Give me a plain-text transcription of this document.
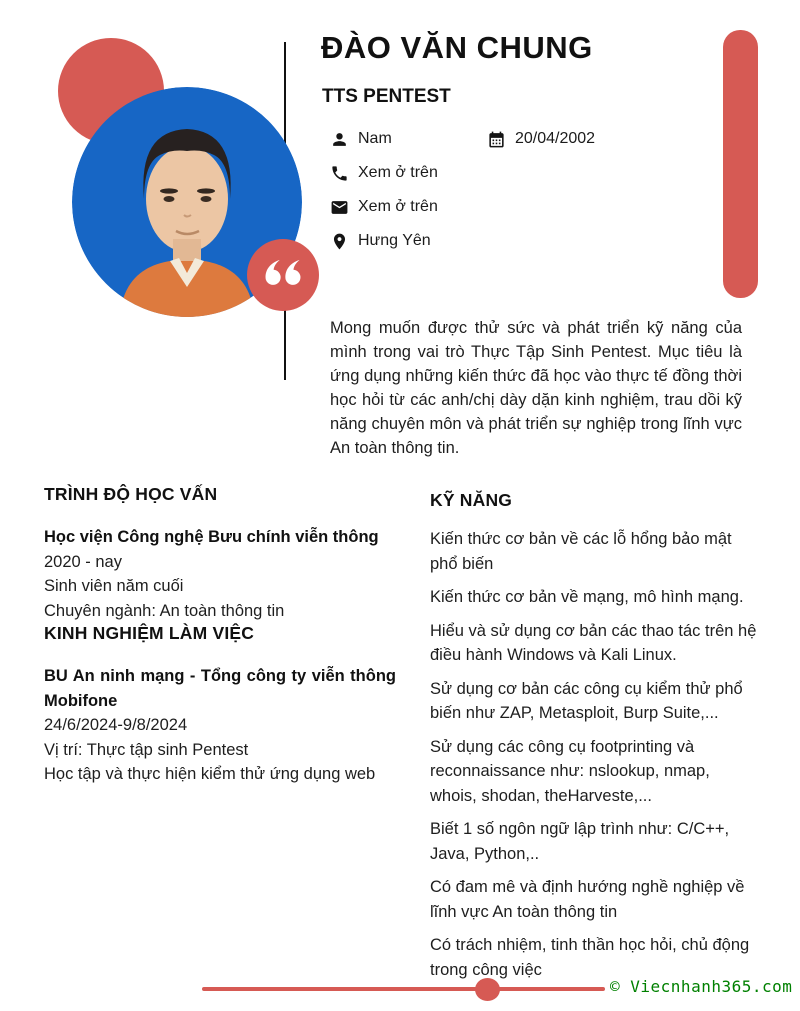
ĐÀO VĂN CHUNG
TTS PENTEST
Nam	20/04/2002
Xem ở trên
Xem ở trên
Hưng Yên
Mong muốn được thử sức và phát triển kỹ năng của mình trong vai trò Thực Tập Sinh Pentest. Mục tiêu là ứng dụng những kiến thức đã học vào thực tế đồng thời học hỏi từ các anh/chị dày dặn kinh nghiệm, trau dồi kỹ năng chuyên môn và phát triển sự nghiệp trong lĩnh vực An toàn thông tin.
TRÌNH ĐỘ HỌC VẤN
Học viện Công nghệ Bưu chính viễn thông
2020 - nay
Sinh viên năm cuối
Chuyên ngành: An toàn thông tin
KINH NGHIỆM LÀM VIỆC
BU An ninh mạng - Tổng công ty viễn thông Mobifone
24/6/2024-9/8/2024
Vị trí: Thực tập sinh Pentest
Học tập và thực hiện kiểm thử ứng dụng web
KỸ NĂNG
Kiến thức cơ bản về các lỗ hổng bảo mật phổ biến
Kiến thức cơ bản về mạng, mô hình mạng.
Hiểu và sử dụng cơ bản các thao tác trên hệ điều hành Windows và Kali Linux.
Sử dụng cơ bản các công cụ kiểm thử phổ biến như ZAP, Metasploit, Burp Suite,...
Sử dụng các công cụ footprinting và reconnaissance như: nslookup, nmap, whois, shodan, theHarveste,...
Biết 1 số ngôn ngữ lập trình như: C/C++, Java, Python,..
Có đam mê và định hướng nghề nghiệp về lĩnh vực An toàn thông tin
Có trách nhiệm, tinh thần học hỏi, chủ động trong công việc
© Viecnhanh365.com
